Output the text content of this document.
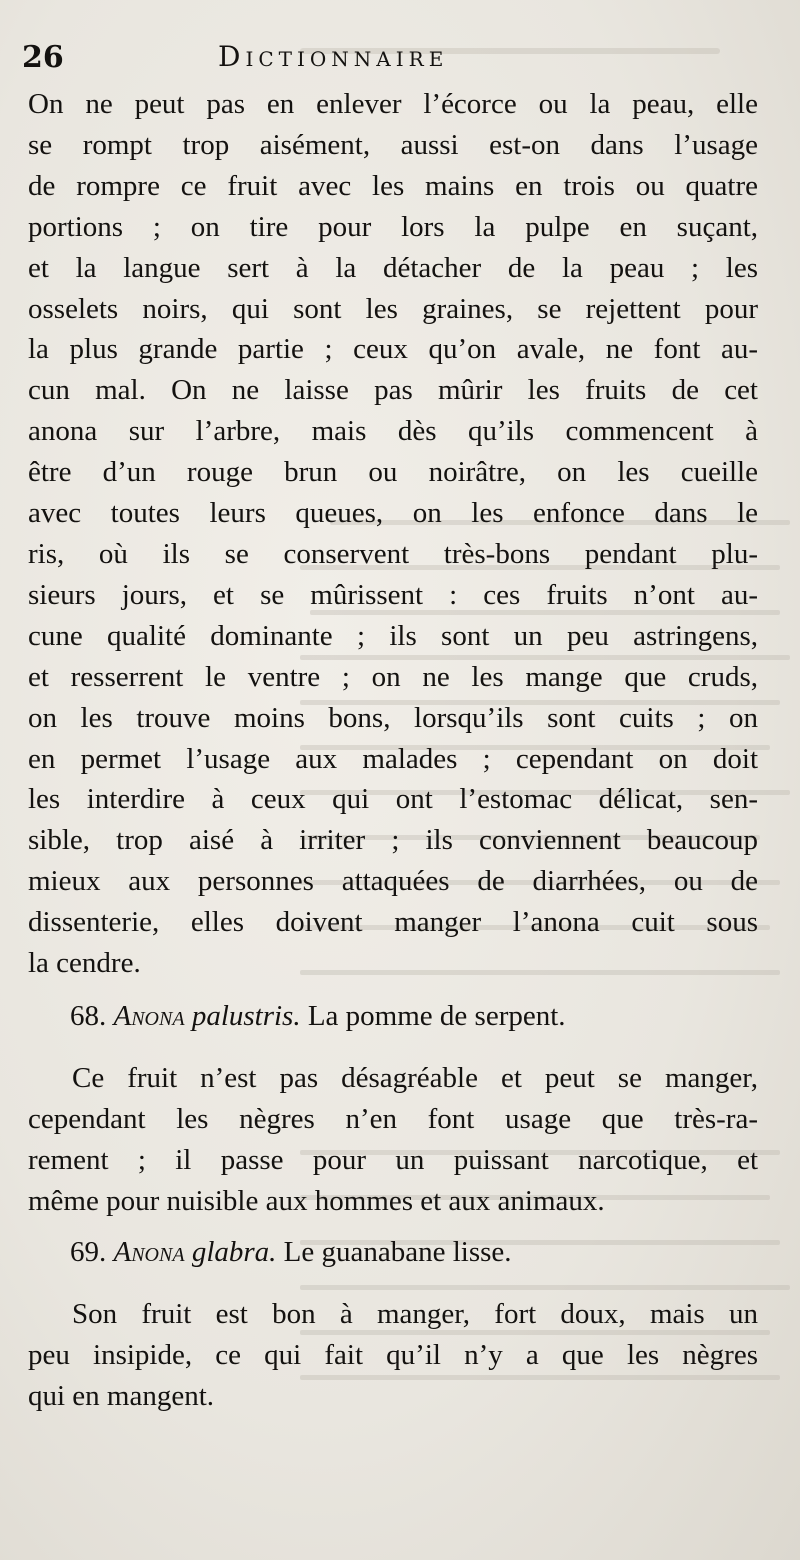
26	Dictionnaire
On ne peut pas en enlever l’écorce ou la peau, elle
se rompt trop aisément, aussi est-on dans l’usage
de rompre ce fruit avec les mains en trois ou quatre
portions ; on tire pour lors la pulpe en suçant,
et la langue sert à la détacher de la peau ; les
osselets noirs, qui sont les graines, se rejettent pour
la plus grande partie ; ceux qu’on avale, ne font au-
cun mal. On ne laisse pas mûrir les fruits de cet
anona sur l’arbre, mais dès qu’ils commencent à
être d’un rouge brun ou noirâtre, on les cueille
avec toutes leurs queues, on les enfonce dans le
ris, où ils se conservent très-bons pendant plu-
sieurs jours, et se mûrissent : ces fruits n’ont au-
cune qualité dominante ; ils sont un peu astringens,
et resserrent le ventre ; on ne les mange que cruds,
on les trouve moins bons, lorsqu’ils sont cuits ; on
en permet l’usage aux malades ; cependant on doit
les interdire à ceux qui ont l’estomac délicat, sen-
sible, trop aisé à irriter ; ils conviennent beaucoup
mieux aux personnes attaquées de diarrhées, ou de
dissenterie, elles doivent manger l’anona cuit sous
la cendre.
68. Anona palustris. La pomme de serpent.
Ce fruit n’est pas désagréable et peut se manger,
cependant les nègres n’en font usage que très-ra-
rement ; il passe pour un puissant narcotique, et
même pour nuisible aux hommes et aux animaux.
69. Anona glabra. Le guanabane lisse.
Son fruit est bon à manger, fort doux, mais un
peu insipide, ce qui fait qu’il n’y a que les nègres
qui en mangent.
